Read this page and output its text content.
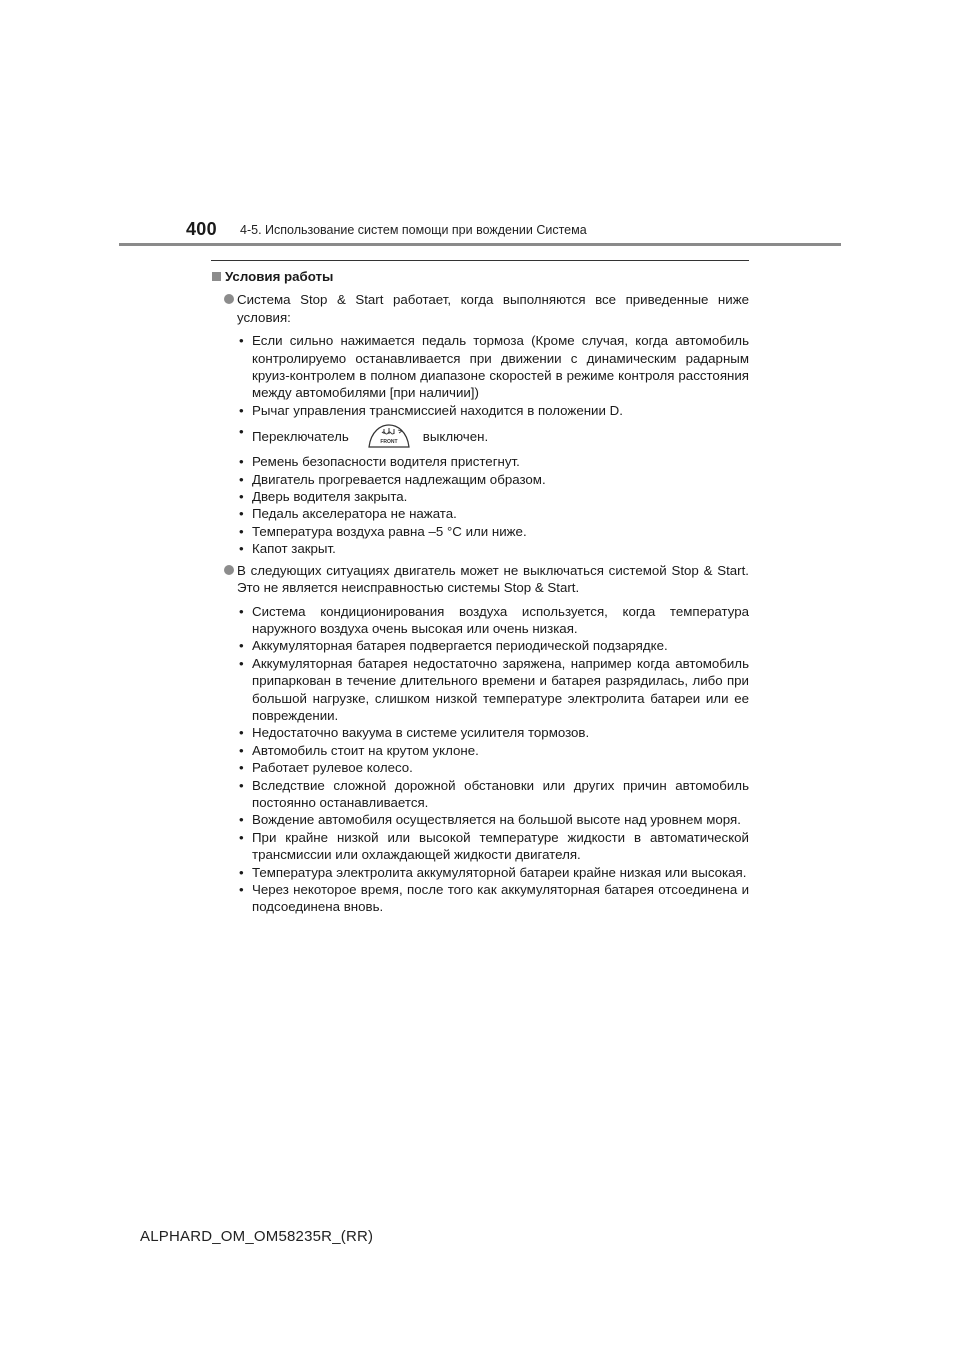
400 4-5. Использование систем помощи при вождении Система
Условия работы
Система Stop & Start работает, когда выполняются все приведенные ниже условия:
• Если сильно нажимается педаль тормоза (Кроме случая, когда автомобиль контролируемо останавливается при движении с динамическим радарным круиз-контролем в полном диапазоне скоростей в режиме контроля расстояния между автомобилями [при наличии])
• Рычаг управления трансмиссией находится в положении D.
• Переключатель	FRONT выключен.
• Ремень безопасности водителя пристегнут.
• Двигатель прогревается надлежащим образом.
• Дверь водителя закрыта.
• Педаль акселератора не нажата.
• Температура воздуха равна –5 °C или ниже.
• Капот закрыт.
В следующих ситуациях двигатель может не выключаться системой Stop & Start. Это не является неисправностью системы Stop & Start.
• Система кондиционирования воздуха используется, когда температура наружного воздуха очень высокая или очень низкая.
• Аккумуляторная батарея подвергается периодической подзарядке.
• Аккумуляторная батарея недостаточно заряжена, например когда автомобиль припаркован в течение длительного времени и батарея разрядилась, либо при большой нагрузке, слишком низкой температуре электролита батареи или ее повреждении.
• Недостаточно вакуума в системе усилителя тормозов.
• Автомобиль стоит на крутом уклоне.
• Работает рулевое колесо.
• Вследствие сложной дорожной обстановки или других причин автомобиль постоянно останавливается.
• Вождение автомобиля осуществляется на большой высоте над уровнем моря.
• При крайне низкой или высокой температуре жидкости в автоматической трансмиссии или охлаждающей жидкости двигателя.
• Температура электролита аккумуляторной батареи крайне низкая или высокая.
• Через некоторое время, после того как аккумуляторная батарея отсоединена и подсоединена вновь.
ALPHARD_OM_OM58235R_(RR)
